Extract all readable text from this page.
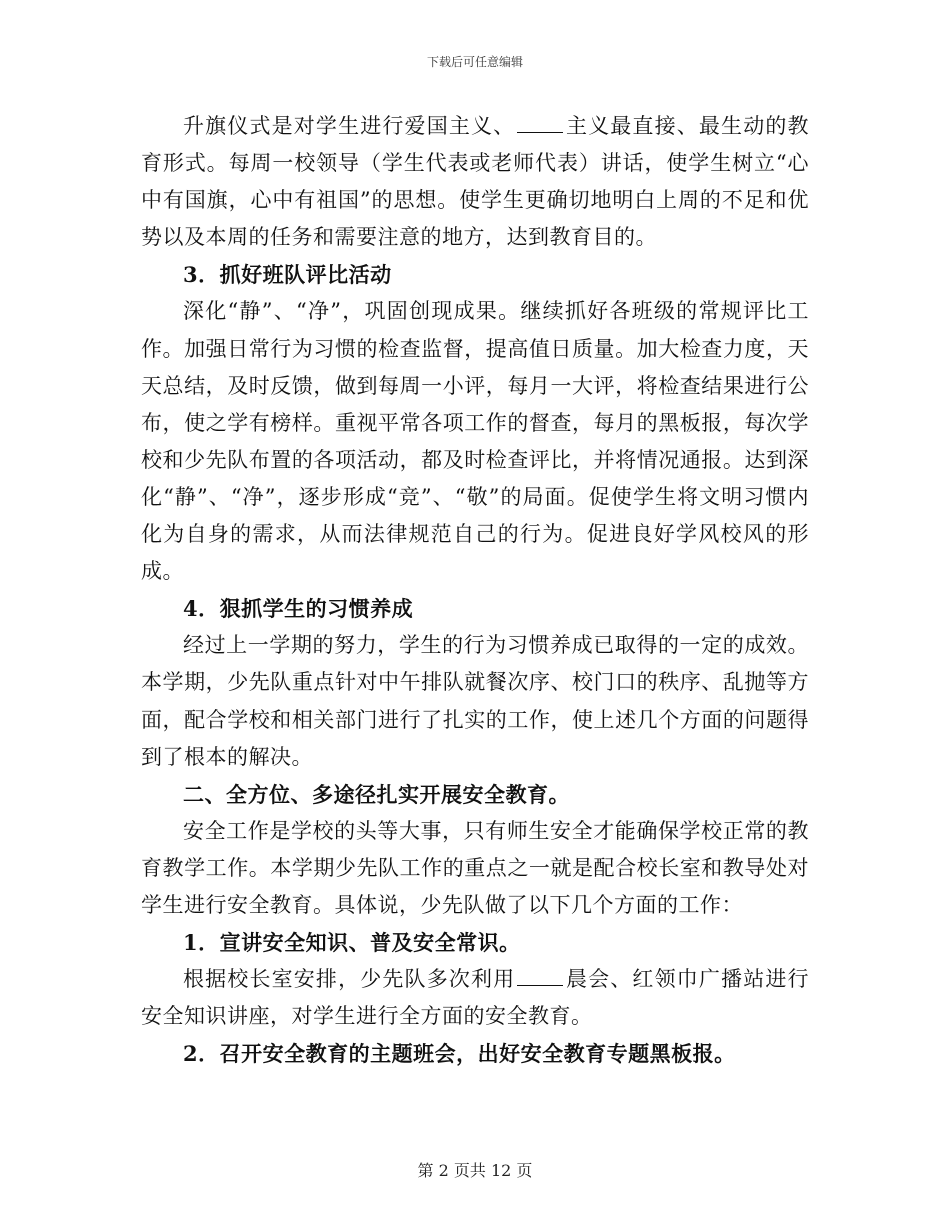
下载后可任意编辑

升旗仪式是对学生进行爱国主义、 主义最直接、最生动的教育形式。每周一校领导（学生代表或老师代表）讲话，使学生树立“心中有国旗，心中有祖国”的思想。使学生更确切地明白上周的不足和优势以及本周的任务和需要注意的地方，达到教育目的。

3．抓好班队评比活动

深化“静”、“净”，巩固创现成果。继续抓好各班级的常规评比工作。加强日常行为习惯的检查监督，提高值日质量。加大检查力度，天天总结，及时反馈，做到每周一小评，每月一大评，将检查结果进行公布，使之学有榜样。重视平常各项工作的督查，每月的黑板报，每次学校和少先队布置的各项活动，都及时检查评比，并将情况通报。达到深化“静”、“净”，逐步形成“竞”、“敬”的局面。促使学生将文明习惯内化为自身的需求，从而法律规范自己的行为。促进良好学风校风的形成。

4．狠抓学生的习惯养成

经过上一学期的努力，学生的行为习惯养成已取得的一定的成效。本学期，少先队重点针对中午排队就餐次序、校门口的秩序、乱抛等方面，配合学校和相关部门进行了扎实的工作，使上述几个方面的问题得到了根本的解决。

二、全方位、多途径扎实开展安全教育。

安全工作是学校的头等大事，只有师生安全才能确保学校正常的教育教学工作。本学期少先队工作的重点之一就是配合校长室和教导处对学生进行安全教育。具体说，少先队做了以下几个方面的工作：

1．宣讲安全知识、普及安全常识。

根据校长室安排，少先队多次利用 晨会、红领巾广播站进行安全知识讲座，对学生进行全方面的安全教育。

2．召开安全教育的主题班会，出好安全教育专题黑板报。

第 2 页共 12 页
